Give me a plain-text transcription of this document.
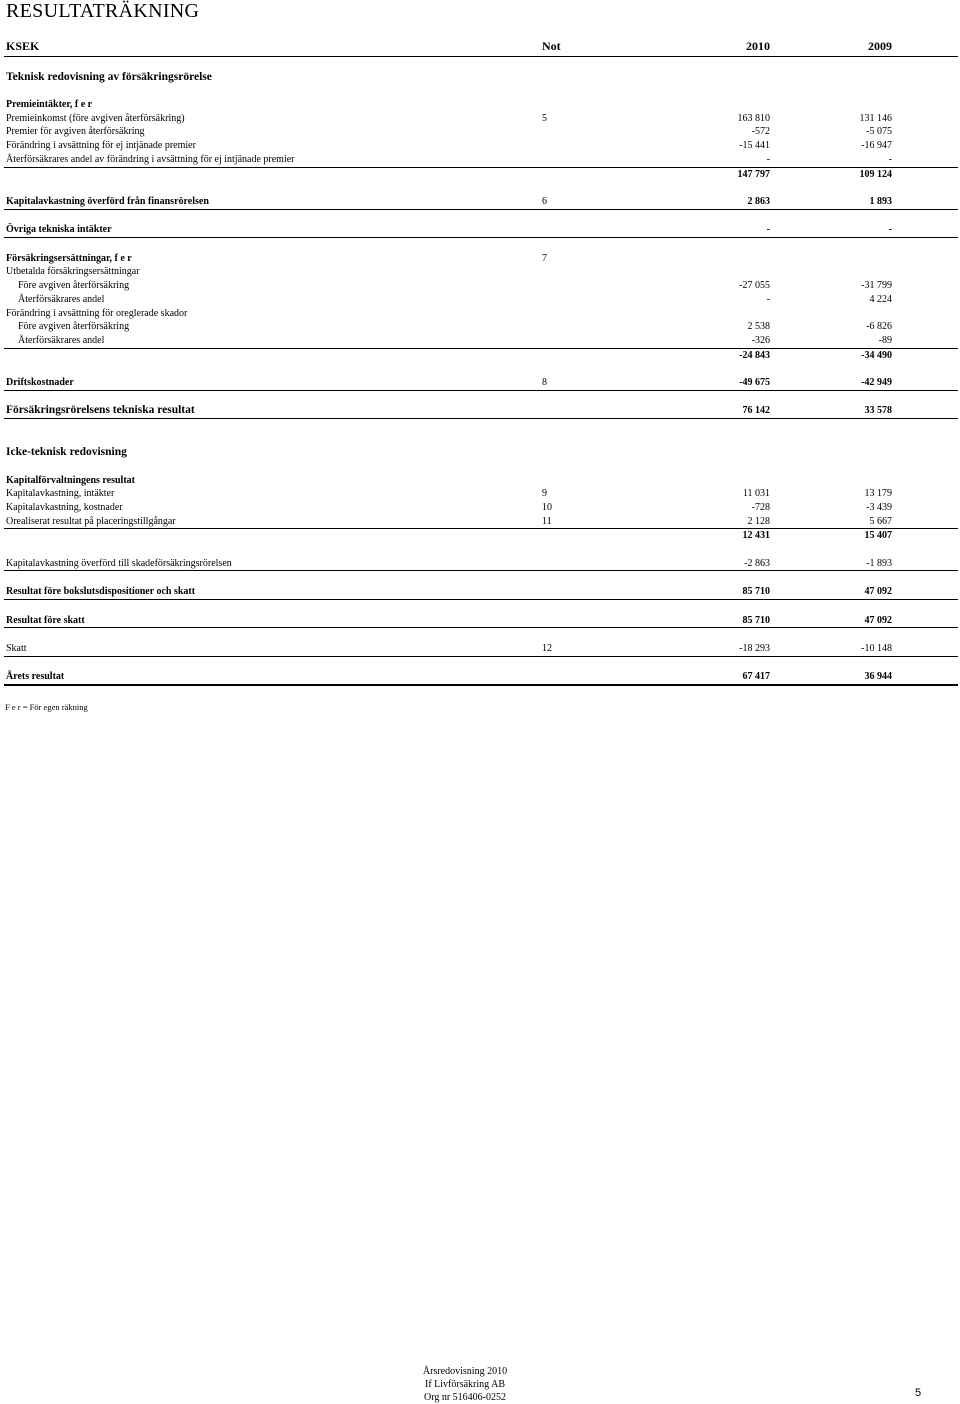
RESULTATRÄKNING
KSEK	Not	2010	2009	

Teknisk redovisning av försäkringsrörelse				

Premieintäkter, f e r				
Premieinkomst (före avgiven återförsäkring)	5	163 810	131 146	
Premier för avgiven återförsäkring		-572	-5 075	
Förändring i avsättning för ej intjänade premier		-15 441	-16 947	
Återförsäkrares andel av förändring i avsättning för ej intjänade premier		-	-	
		147 797	109 124	

Kapitalavkastning överförd från finansrörelsen	6	2 863	1 893	

Övriga tekniska intäkter		-	-	

Försäkringsersättningar, f e r	7			
Utbetalda försäkringsersättningar				
Före avgiven återförsäkring		-27 055	-31 799	
Återförsäkrares andel		-	4 224	
Förändring i avsättning för oreglerade skador				
Före avgiven återförsäkring		2 538	-6 826	
Återförsäkrares andel		-326	-89	
		-24 843	-34 490	

Driftskostnader	8	-49 675	-42 949	

Försäkringsrörelsens tekniska resultat		76 142	33 578	

Icke-teknisk redovisning				

Kapitalförvaltningens resultat				
Kapitalavkastning, intäkter	9	11 031	13 179	
Kapitalavkastning, kostnader	10	-728	-3 439	
Orealiserat resultat på placeringstillgångar	11	2 128	5 667	
		12 431	15 407	

Kapitalavkastning överförd till skadeförsäkringsrörelsen		-2 863	-1 893	

Resultat före bokslutsdispositioner och skatt		85 710	47 092	

Resultat före skatt		85 710	47 092	

Skatt	12	-18 293	-10 148	

Årets resultat		67 417	36 944	

F e r = För egen räkning
Årsredovisning 2010
If Livförsäkring AB
Org nr 516406-0252	5
